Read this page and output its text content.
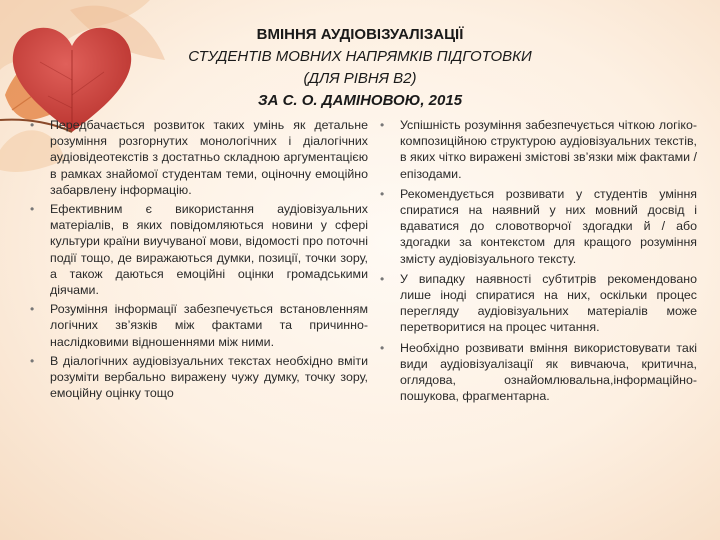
ВМІННЯ АУДІОВІЗУАЛІЗАЦІЇ
СТУДЕНТІВ МОВНИХ НАПРЯМКІВ ПІДГОТОВКИ
(ДЛЯ РІВНЯ В2)
ЗА С. О. ДАМІНОВОЮ, 2015
• Передбачається розвиток таких умінь як детальне розуміння розгорнутих монологічних і діалогічних аудіовідеотекстів з достатньо складною аргументацією в рамках знайомої студентам теми, оціночну емоційно забарвлену інформацію.
• Ефективним є використання аудіовізуальних матеріалів, в яких повідомляються новини у сфері культури країни виучуваної мови, відомості про поточні події тощо, де виражаються думки, позиції, точки зору, а також даються емоційні оцінки громадськими діячами.
• Розуміння інформації забезпечується встановленням логічних зв’язків між фактами та причинно-наслідковими відношеннями між ними.
• В діалогічних аудіовізуальних текстах необхідно вміти розуміти вербально виражену чужу думку, точку зору, емоційну оцінку тощо
• Успішність розуміння забезпечується чіткою логіко-композиційною структурою аудіовізуальних текстів, в яких чітко виражені змістові зв’язки між фактами / епізодами.
• Рекомендується розвивати у студентів уміння спиратися на наявний у них мовний досвід і вдаватися до словотворчої здогадки й / або здогадки за контекстом для кращого розуміння змісту аудіовізуального тексту.
• У випадку наявності субтитрів рекомендовано лише іноді спиратися на них, оскільки процес перегляду аудіовізуальних матеріалів може перетворитися на процес читання.
• Необхідно розвивати вміння використовувати такі види аудіовізуалізації як вивчаюча, критична, оглядова, ознайомлювальна,інформаційно-пошукова, фрагментарна.
